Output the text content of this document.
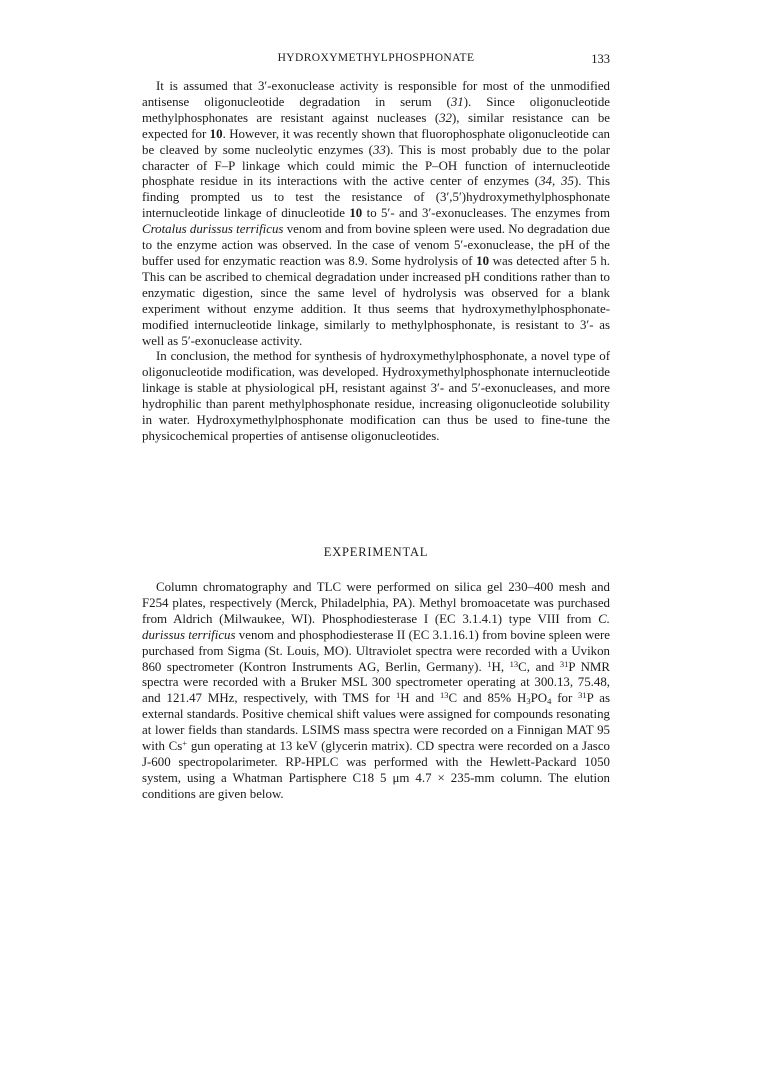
HYDROXYMETHYLPHOSPHONATE	133

It is assumed that 3′-exonuclease activity is responsible for most of the unmodified antisense oligonucleotide degradation in serum (31). Since oligonucleotide methylphosphonates are resistant against nucleases (32), similar resistance can be expected for 10. However, it was recently shown that fluorophosphate oligonucleotide can be cleaved by some nucleolytic enzymes (33). This is most probably due to the polar character of F–P linkage which could mimic the P–OH function of internucleotide phosphate residue in its interactions with the active center of enzymes (34, 35). This finding prompted us to test the resistance of (3′,5′)hydroxymethylphosphonate internucleotide linkage of dinucleotide 10 to 5′- and 3′-exonucleases. The enzymes from Crotalus durissus terrificus venom and from bovine spleen were used. No degradation due to the enzyme action was observed. In the case of venom 5′-exonuclease, the pH of the buffer used for enzymatic reaction was 8.9. Some hydrolysis of 10 was detected after 5 h. This can be ascribed to chemical degradation under increased pH conditions rather than to enzymatic digestion, since the same level of hydrolysis was observed for a blank experiment without enzyme addition. It thus seems that hydroxymethylphosphonate-modified internucleotide linkage, similarly to methylphosphonate, is resistant to 3′- as well as 5′-exonuclease activity.

In conclusion, the method for synthesis of hydroxymethylphosphonate, a novel type of oligonucleotide modification, was developed. Hydroxymethylphosphonate internucleotide linkage is stable at physiological pH, resistant against 3′- and 5′-exonucleases, and more hydrophilic than parent methylphosphonate residue, increasing oligonucleotide solubility in water. Hydroxymethylphosphonate modification can thus be used to fine-tune the physicochemical properties of antisense oligonucleotides.

EXPERIMENTAL

Column chromatography and TLC were performed on silica gel 230–400 mesh and F254 plates, respectively (Merck, Philadelphia, PA). Methyl bromoacetate was purchased from Aldrich (Milwaukee, WI). Phosphodiesterase I (EC 3.1.4.1) type VIII from C. durissus terrificus venom and phosphodiesterase II (EC 3.1.16.1) from bovine spleen were purchased from Sigma (St. Louis, MO). Ultraviolet spectra were recorded with a Uvikon 860 spectrometer (Kontron Instruments AG, Berlin, Germany). $^1$H, $^{13}$C, and $^{31}$P NMR spectra were recorded with a Bruker MSL 300 spectrometer operating at 300.13, 75.48, and 121.47 MHz, respectively, with TMS for $^1$H and $^{13}$C and 85% $H_3PO_4$ for $^{31}$P as external standards. Positive chemical shift values were assigned for compounds resonating at lower fields than standards. LSIMS mass spectra were recorded on a Finnigan MAT 95 with Cs+ gun operating at 13 keV (glycerin matrix). CD spectra were recorded on a Jasco J-600 spectropolarimeter. RP-HPLC was performed with the Hewlett-Packard 1050 system, using a Whatman Partisphere C18 5 μm 4.7 × 235-mm column. The elution conditions are given below.
